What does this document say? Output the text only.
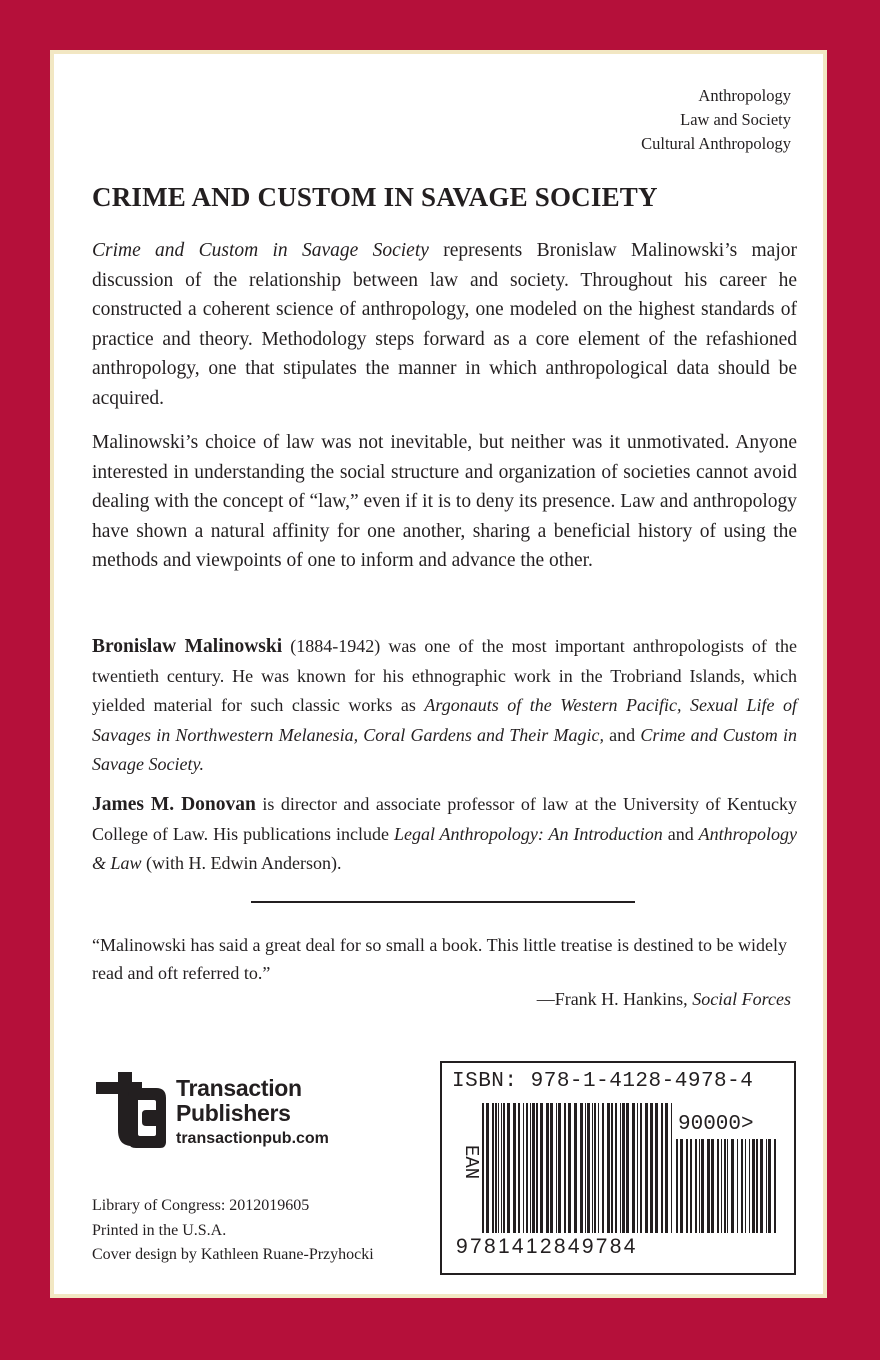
Anthropology
Law and Society
Cultural Anthropology
CRIME AND CUSTOM IN SAVAGE SOCIETY

Crime and Custom in Savage Society represents Bronislaw Malinowski’s major discussion of the relationship between law and society. Throughout his career he constructed a coherent science of anthropology, one modeled on the highest standards of practice and theory. Methodology steps forward as a core element of the refashioned anthropology, one that stipulates the manner in which anthropological data should be acquired.

Malinowski’s choice of law was not inevitable, but neither was it unmotivated. Anyone interested in understanding the social structure and organization of societies cannot avoid dealing with the concept of “law,” even if it is to deny its presence. Law and anthropology have shown a natural affinity for one another, sharing a beneficial history of using the methods and viewpoints of one to inform and advance the other.

Bronislaw Malinowski (1884-1942) was one of the most important anthropologists of the twentieth century. He was known for his ethnographic work in the Trobriand Islands, which yielded material for such classic works as Argonauts of the Western Pacific, Sexual Life of Savages in Northwestern Melanesia, Coral Gardens and Their Magic, and Crime and Custom in Savage Society.

James M. Donovan is director and associate professor of law at the University of Kentucky College of Law. His publications include Legal Anthropology: An Introduction and Anthropology & Law (with H. Edwin Anderson).

“Malinowski has said a great deal for so small a book. This little treatise is destined to be widely read and oft referred to.”

—Frank H. Hankins, Social Forces
Transaction
Publishers
transactionpub.com
Library of Congress: 2012019605
Printed in the U.S.A.
Cover design by Kathleen Ruane-Przyhocki
ISBN: 978-1-4128-4978-4
90000>
EAN
9781412849784
